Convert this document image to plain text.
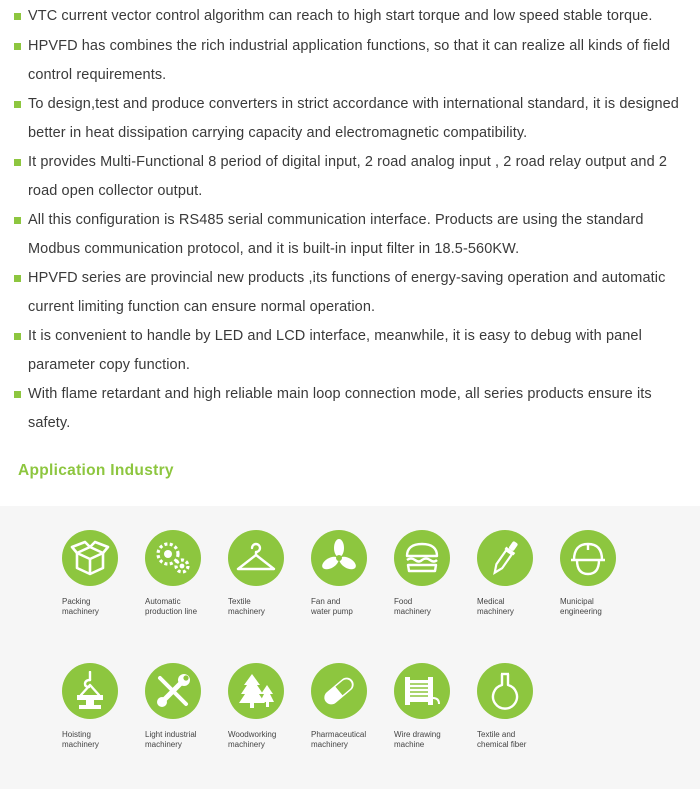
VTC current vector control algorithm can reach to high start torque and low speed stable torque.
HPVFD has combines the rich industrial application functions, so that it can realize all kinds of field control requirements.
To design,test and produce converters in strict accordance with international standard, it is designed better in heat dissipation carrying capacity and electromagnetic compatibility.
It provides Multi-Functional 8 period of digital input, 2 road analog input , 2 road relay output and 2 road open collector output.
All this configuration is RS485 serial communication interface. Products are using the standard Modbus communication protocol, and it is built-in input filter in 18.5-560KW.
HPVFD series are provincial new products ,its functions of energy-saving operation and automatic current limiting function can ensure normal operation.
It is convenient to handle by LED and LCD interface, meanwhile, it is easy to debug with panel parameter copy function.
With flame retardant and high reliable main loop connection mode, all series products ensure its safety.
Application Industry
Packing
machinery
Automatic
production line
Textile
machinery
Fan and
water pump
Food
machinery
Medical
machinery
Municipal
engineering
Hoisting
machinery
Light industrial
machinery
Woodworking
machinery
Pharmaceutical
machinery
Wire drawing
machine
Textile and
chemical fiber
